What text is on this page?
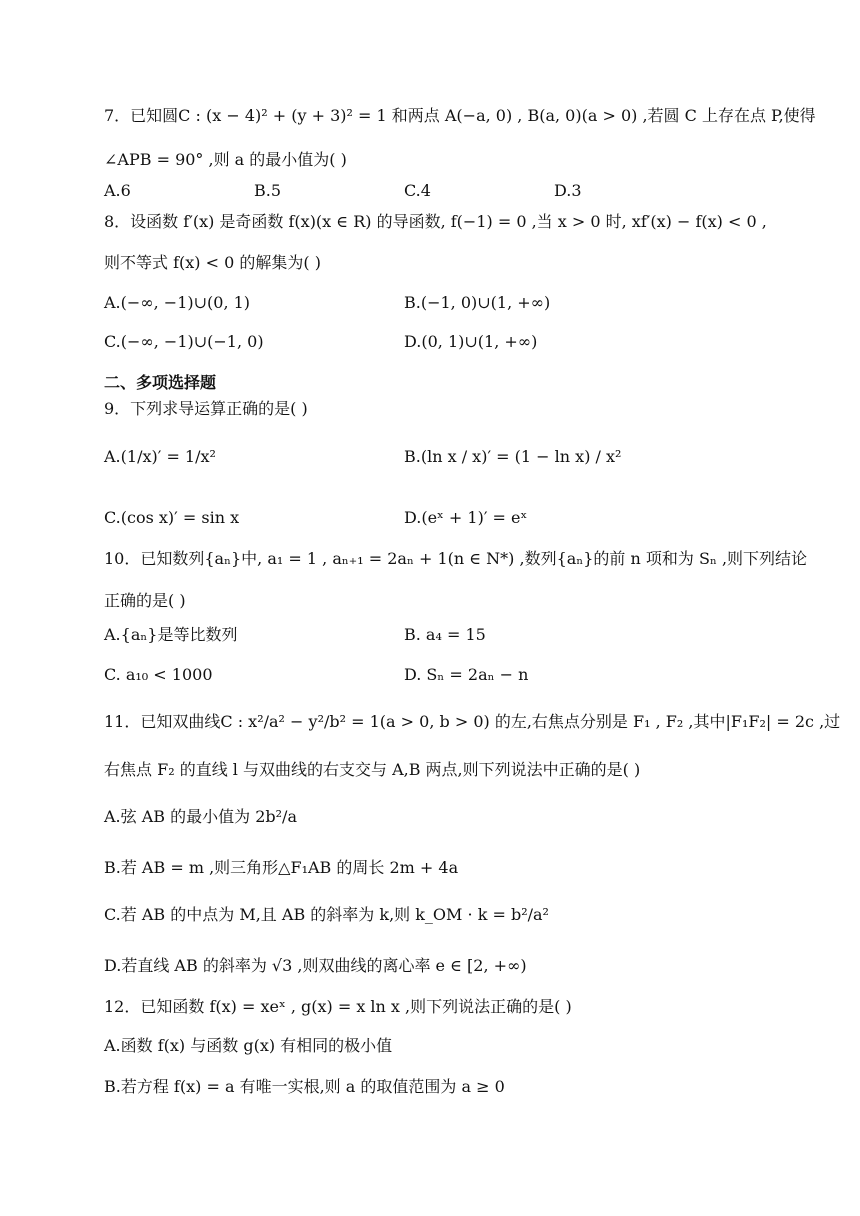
7．已知圆C : (x − 4)² + (y + 3)² = 1 和两点 A(−a, 0) , B(a, 0)(a > 0) ,若圆 C 上存在点 P,使得
∠APB = 90° ,则 a 的最小值为( )
A.6	B.5	C.4	D.3
8．设函数 f′(x) 是奇函数 f(x)(x ∈ R) 的导函数, f(−1) = 0 ,当 x > 0 时, xf′(x) − f(x) < 0 ,
则不等式 f(x) < 0 的解集为( )
A.(−∞, −1)∪(0, 1)	B.(−1, 0)∪(1, +∞)
C.(−∞, −1)∪(−1, 0)	D.(0, 1)∪(1, +∞)
二、多项选择题
9．下列求导运算正确的是( )
A.(1/x)′ = 1/x²	B.(ln x / x)′ = (1 − ln x) / x²
C.(cos x)′ = sin x	D.(eˣ + 1)′ = eˣ
10．已知数列{aₙ}中, a₁ = 1 , aₙ₊₁ = 2aₙ + 1(n ∈ N*) ,数列{aₙ}的前 n 项和为 Sₙ ,则下列结论
正确的是( )
A.{aₙ}是等比数列	B. a₄ = 15
C. a₁₀ < 1000	D. Sₙ = 2aₙ − n
11．已知双曲线C : x²/a² − y²/b² = 1(a > 0, b > 0) 的左,右焦点分别是 F₁ , F₂ ,其中|F₁F₂| = 2c ,过
右焦点 F₂ 的直线 l 与双曲线的右支交与 A,B 两点,则下列说法中正确的是( )
A.弦 AB 的最小值为 2b²/a
B.若 AB = m ,则三角形△F₁AB 的周长 2m + 4a
C.若 AB 的中点为 M,且 AB 的斜率为 k,则 k_OM · k = b²/a²
D.若直线 AB 的斜率为 √3 ,则双曲线的离心率 e ∈ [2, +∞)
12．已知函数 f(x) = xeˣ , g(x) = x ln x ,则下列说法正确的是( )
A.函数 f(x) 与函数 g(x) 有相同的极小值
B.若方程 f(x) = a 有唯一实根,则 a 的取值范围为 a ≥ 0
